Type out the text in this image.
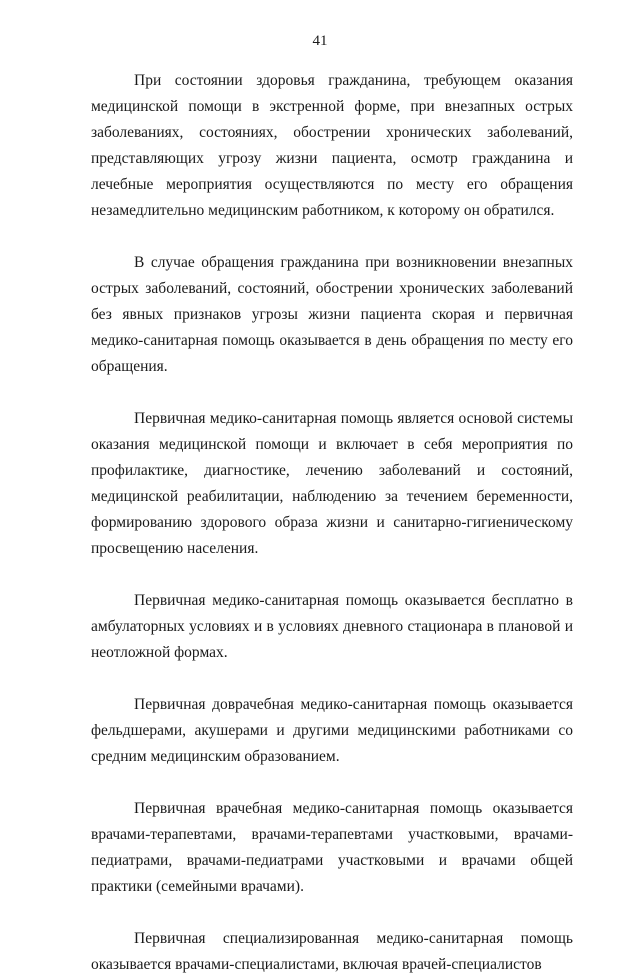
41

При состоянии здоровья гражданина, требующем оказания медицинской помощи в экстренной форме, при внезапных острых заболеваниях, состояниях, обострении хронических заболеваний, представляющих угрозу жизни пациента, осмотр гражданина и лечебные мероприятия осуществляются по месту его обращения незамедлительно медицинским работником, к которому он обратился.

В случае обращения гражданина при возникновении внезапных острых заболеваний, состояний, обострении хронических заболеваний без явных признаков угрозы жизни пациента скорая и первичная медико-санитарная помощь оказывается в день обращения по месту его обращения.

Первичная медико-санитарная помощь является основой системы оказания медицинской помощи и включает в себя мероприятия по профилактике, диагностике, лечению заболеваний и состояний, медицинской реабилитации, наблюдению за течением беременности, формированию здорового образа жизни и санитарно-гигиеническому просвещению населения.

Первичная медико-санитарная помощь оказывается бесплатно в амбулаторных условиях и в условиях дневного стационара в плановой и неотложной формах.

Первичная доврачебная медико-санитарная помощь оказывается фельдшерами, акушерами и другими медицинскими работниками со средним медицинским образованием.

Первичная врачебная медико-санитарная помощь оказывается врачами-терапевтами, врачами-терапевтами участковыми, врачами-педиатрами, врачами-педиатрами участковыми и врачами общей практики (семейными врачами).

Первичная специализированная медико-санитарная помощь оказывается врачами-специалистами, включая врачей-специалистов
